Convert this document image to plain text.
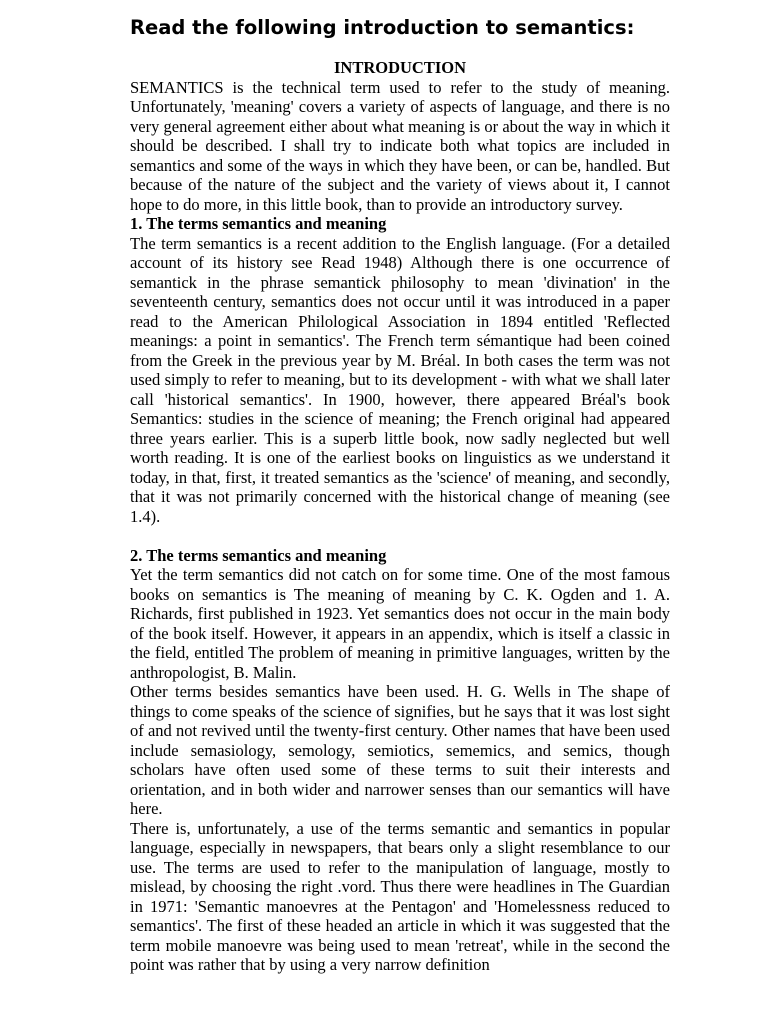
Read the following introduction to semantics:
INTRODUCTION

SEMANTICS is the technical term used to refer to the study of meaning. Unfortunately, 'meaning' covers a variety of aspects of language, and there is no very general agreement either about what meaning is or about the way in which it should be described. I shall try to indicate both what topics are included in semantics and some of the ways in which they have been, or can be, handled. But because of the nature of the subject and the variety of views about it, I cannot hope to do more, in this little book, than to provide an introductory survey.

1. The terms semantics and meaning

The term semantics is a recent addition to the English language. (For a detailed account of its history see Read 1948) Although there is one occurrence of semantick in the phrase semantick philosophy to mean 'divination' in the seventeenth century, semantics does not occur until it was introduced in a paper read to the American Philological Association in 1894 entitled 'Reflected meanings: a point in semantics'. The French term sémantique had been coined from the Greek in the previous year by M. Bréal. In both cases the term was not used simply to refer to meaning, but to its development - with what we shall later call 'historical semantics'. In 1900, however, there appeared Bréal's book Semantics: studies in the science of meaning; the French original had appeared three years earlier. This is a superb little book, now sadly neglected but well worth reading. It is one of the earliest books on linguistics as we understand it today, in that, first, it treated semantics as the 'science' of meaning, and secondly, that it was not primarily concerned with the historical change of meaning (see 1.4).

2. The terms semantics and meaning

Yet the term semantics did not catch on for some time. One of the most famous books on semantics is The meaning of meaning by C. K. Ogden and 1. A. Richards, first published in 1923. Yet semantics does not occur in the main body of the book itself. However, it appears in an appendix, which is itself a classic in the field, entitled The problem of meaning in primitive languages, written by the anthropologist, B. Malin.

Other terms besides semantics have been used. H. G. Wells in The shape of things to come speaks of the science of signifies, but he says that it was lost sight of and not revived until the twenty-first century. Other names that have been used include semasiology, semology, semiotics, sememics, and semics, though scholars have often used some of these terms to suit their interests and orientation, and in both wider and narrower senses than our semantics will have here.

There is, unfortunately, a use of the terms semantic and semantics in popular language, especially in newspapers, that bears only a slight resemblance to our use. The terms are used to refer to the manipulation of language, mostly to mislead, by choosing the right .vord. Thus there were headlines in The Guardian in 1971: 'Semantic manoevres at the Pentagon' and 'Homelessness reduced to semantics'. The first of these headed an article in which it was suggested that the term mobile manoevre was being used to mean 'retreat', while in the second the point was rather that by using a very narrow definition
